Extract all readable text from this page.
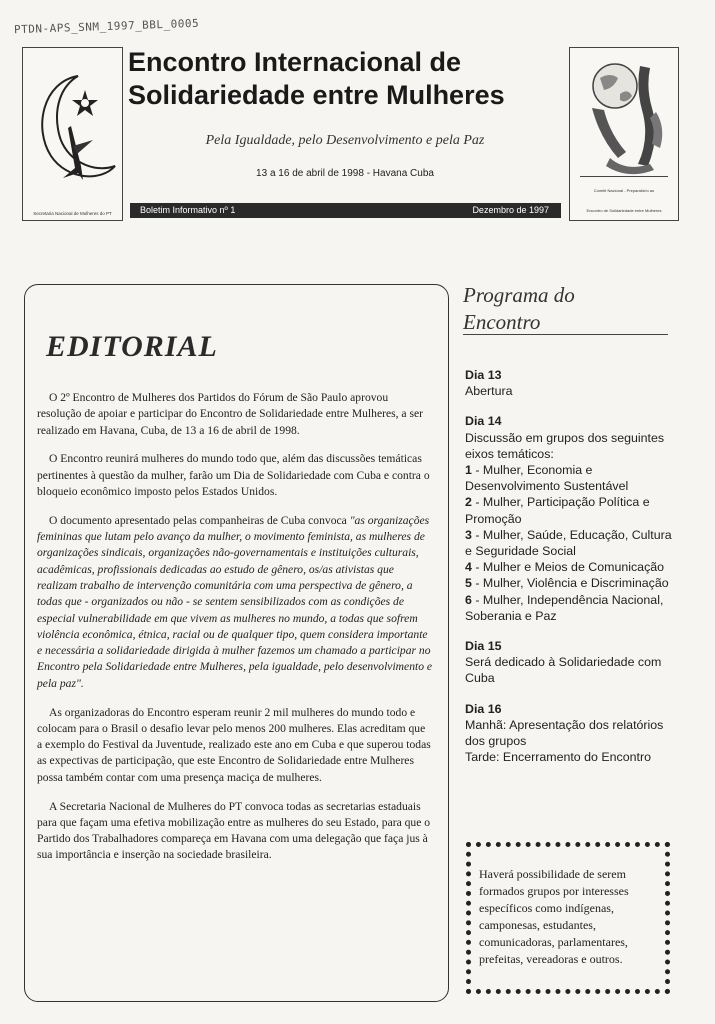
PTDN-APS_SNM_1997_BBL_0005
Secretaria Nacional de Mulheres do PT
Encontro Internacional de
Solidariedade entre Mulheres
Pela Igualdade, pelo Desenvolvimento e pela Paz
13 a 16 de abril de 1998 - Havana Cuba
Boletim Informativo nº 1	Dezembro de 1997
Comitê Nacional - Preparatório ao
Encontro de Solidariedade entre Mulheres
EDITORIAL

O 2º Encontro de Mulheres dos Partidos do Fórum de São Paulo aprovou resolução de apoiar e participar do Encontro de Solidariedade entre Mulheres, a ser realizado em Havana, Cuba, de 13 a 16 de abril de 1998.

O Encontro reunirá mulheres do mundo todo que, além das discussões temáticas pertinentes à questão da mulher, farão um Dia de Solidariedade com Cuba e contra o bloqueio econômico imposto pelos Estados Unidos.

O documento apresentado pelas companheiras de Cuba convoca "as organizações femininas que lutam pelo avanço da mulher, o movimento feminista, as mulheres de organizações sindicais, organizações não-governamentais e instituições culturais, acadêmicas, profissionais dedicadas ao estudo de gênero, os/as ativistas que realizam trabalho de intervenção comunitária com uma perspectiva de gênero, a todas que - organizados ou não - se sentem sensibilizados com as condições de especial vulnerabilidade em que vivem as mulheres no mundo, a todas que sofrem violência econômica, étnica, racial ou de qualquer tipo, quem considera importante e necessária a solidariedade dirigida à mulher fazemos um chamado a participar no Encontro pela Solidariedade entre Mulheres, pela igualdade, pelo desenvolvimento e pela paz".

As organizadoras do Encontro esperam reunir 2 mil mulheres do mundo todo e colocam para o Brasil o desafio levar pelo menos 200 mulheres. Elas acreditam que a exemplo do Festival da Juventude, realizado este ano em Cuba e que superou todas as expectivas de participação, que este Encontro de Solidariedade entre Mulheres possa também contar com uma presença maciça de mulheres.

A Secretaria Nacional de Mulheres do PT convoca todas as secretarias estaduais para que façam uma efetiva mobilização entre as mulheres do seu Estado, para que o Partido dos Trabalhadores compareça em Havana com uma delegação que faça jus à sua importância e inserção na sociedade brasileira.

Programa do
Encontro
Dia 13
Abertura
Dia 14
Discussão em grupos dos seguintes eixos temáticos:
1 - Mulher, Economia e Desenvolvimento Sustentável
2 - Mulher, Participação Política e Promoção
3 - Mulher, Saúde, Educação, Cultura e Seguridade Social
4 - Mulher e Meios de Comunicação
5 - Mulher, Violência e Discriminação
6 - Mulher, Independência Nacional, Soberania e Paz
Dia 15
Será dedicado à Solidariedade com Cuba
Dia 16
Manhã: Apresentação dos relatórios dos grupos
Tarde: Encerramento do Encontro
Haverá possibilidade de serem formados grupos por interesses específicos como indígenas, camponesas, estudantes, comunicadoras, parlamentares, prefeitas, vereadoras e outros.
